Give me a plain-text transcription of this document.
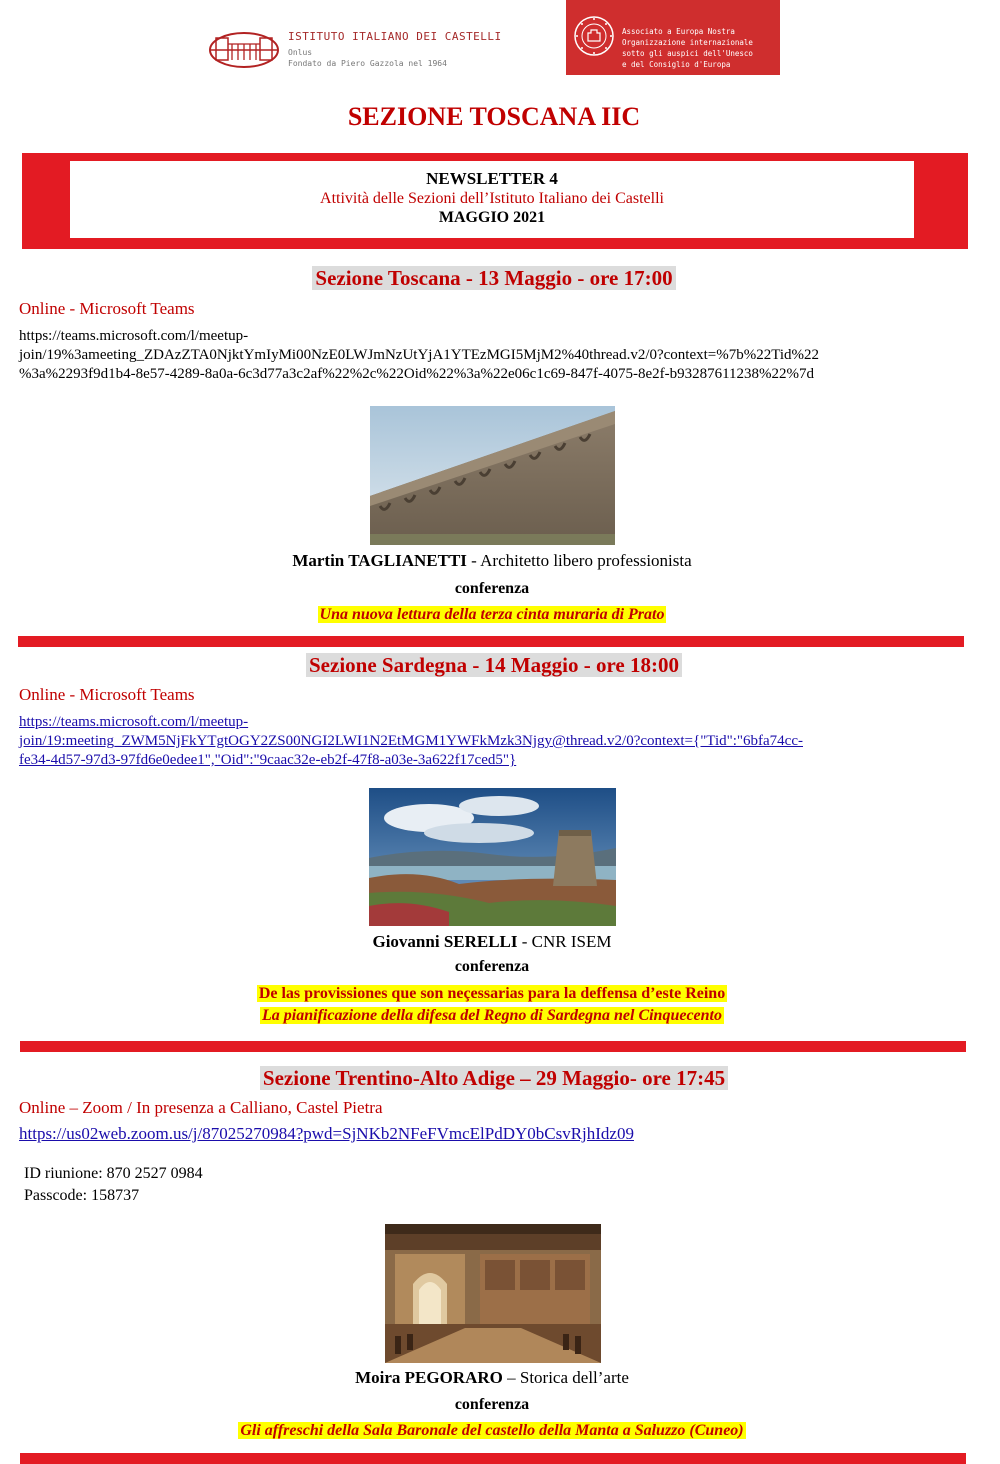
ISTITUTO ITALIANO DEI CASTELLI
Onlus
Fondato da Piero Gazzola nel 1964
Associato a Europa Nostra
Organizzazione internazionale
sotto gli auspici dell'Unesco
e del Consiglio d'Europa
SEZIONE TOSCANA IIC
NEWSLETTER 4
Attività delle Sezioni dell’Istituto Italiano dei Castelli
MAGGIO 2021
Sezione Toscana - 13 Maggio - ore 17:00
Online - Microsoft Teams
https://teams.microsoft.com/l/meetup-
join/19%3ameeting_ZDAzZTA0NjktYmIyMi00NzE0LWJmNzUtYjA1YTEzMGI5MjM2%40thread.v2/0?context=%7b%22Tid%22
%3a%2293f9d1b4-8e57-4289-8a0a-6c3d77a3c2af%22%2c%22Oid%22%3a%22e06c1c69-847f-4075-8e2f-b93287611238%22%7d
Martin TAGLIANETTI - Architetto libero professionista
conferenza
Una nuova lettura della terza cinta muraria di Prato
Sezione Sardegna - 14 Maggio - ore 18:00
Online - Microsoft Teams
https://teams.microsoft.com/l/meetup-
join/19:meeting_ZWM5NjFkYTgtOGY2ZS00NGI2LWI1N2EtMGM1YWFkMzk3Njgy@thread.v2/0?context={"Tid":"6bfa74cc-
fe34-4d57-97d3-97fd6e0edee1","Oid":"9caac32e-eb2f-47f8-a03e-3a622f17ced5"}
Giovanni SERELLI - CNR ISEM
conferenza
De las provissiones que son neçessarias para la deffensa d’este Reino
La pianificazione della difesa del Regno di Sardegna nel Cinquecento
Sezione Trentino-Alto Adige – 29 Maggio- ore 17:45
Online – Zoom / In presenza a Calliano, Castel Pietra
https://us02web.zoom.us/j/87025270984?pwd=SjNKb2NFeFVmcElPdDY0bCsvRjhIdz09
ID riunione: 870 2527 0984
Passcode: 158737
Moira PEGORARO – Storica dell’arte
conferenza
Gli affreschi della Sala Baronale del castello della Manta a Saluzzo (Cuneo)
